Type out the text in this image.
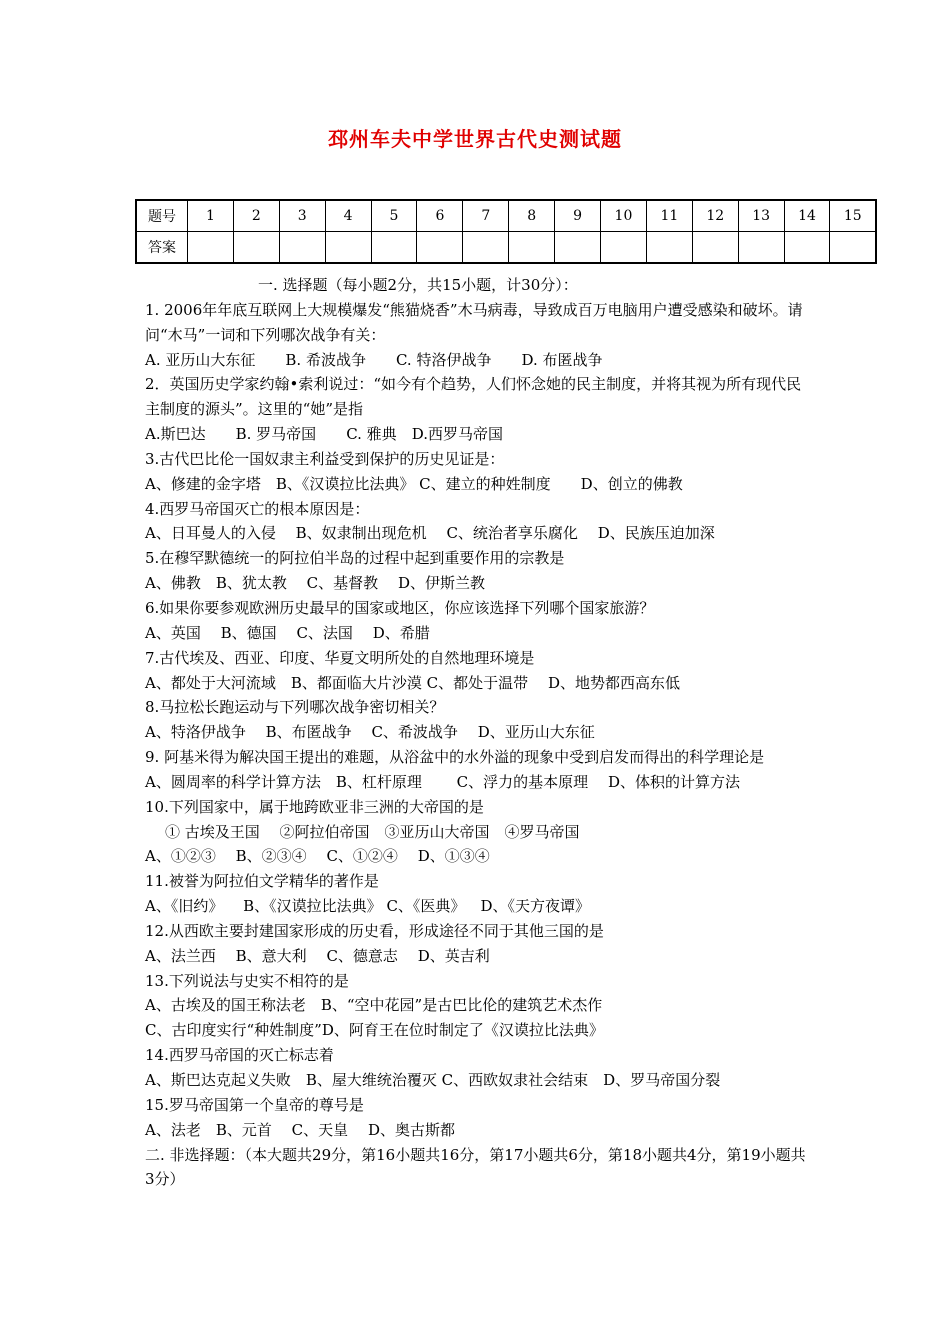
邳州车夫中学世界古代史测试题
题号	1	2	3	4	5	6	7	8	9	10	11	12	13	14	15
答案															
一. 选择题（每小题2分，共15小题，计30分）：
1. 2006年年底互联网上大规模爆发“熊猫烧香”木马病毒，导致成百万电脑用户遭受感染和破坏。请问“木马”一词和下列哪次战争有关：
A. 亚历山大东征　　 B. 希波战争　　 C. 特洛伊战争　　 D. 布匿战争
2．英国历史学家约翰•索利说过：“如今有个趋势，人们怀念她的民主制度，并将其视为所有现代民主制度的源头”。这里的“她”是指
A.斯巴达　　 B. 罗马帝国　　 C. 雅典　 D.西罗马帝国
3.古代巴比伦一国奴隶主利益受到保护的历史见证是：
A、修建的金字塔　 B、《汉谟拉比法典》 C、建立的种姓制度　　 D、创立的佛教
4.西罗马帝国灭亡的根本原因是：
A、日耳曼人的入侵　 B、奴隶制出现危机　 C、统治者享乐腐化　 D、民族压迫加深
5.在穆罕默德统一的阿拉伯半岛的过程中起到重要作用的宗教是
A、佛教　 B、犹太教　 C、基督教　 D、伊斯兰教
6.如果你要参观欧洲历史最早的国家或地区，你应该选择下列哪个国家旅游？
A、英国　 B、德国　 C、法国　 D、希腊
7.古代埃及、西亚、印度、华夏文明所处的自然地理环境是
A、都处于大河流域　 B、都面临大片沙漠 C、都处于温带　 D、地势都西高东低
8.马拉松长跑运动与下列哪次战争密切相关？
A、特洛伊战争　 B、布匿战争　 C、希波战争　 D、亚历山大东征
9. 阿基米得为解决国王提出的难题，从浴盆中的水外溢的现象中受到启发而得出的科学理论是
A、圆周率的科学计算方法　 B、杠杆原理　　 C、浮力的基本原理　 D、体积的计算方法
10.下列国家中，属于地跨欧亚非三洲的大帝国的是
① 古埃及王国　 ②阿拉伯帝国　③亚历山大帝国　④罗马帝国
A、①②③　 B、②③④　 C、①②④　 D、①③④
11.被誉为阿拉伯文学精华的著作是
A、《旧约》　 B、《汉谟拉比法典》 C、《医典》　 D、《天方夜谭》
12.从西欧主要封建国家形成的历史看，形成途径不同于其他三国的是
A、法兰西　 B、意大利　 C、德意志　 D、英吉利
13.下列说法与史实不相符的是
A、古埃及的国王称法老　 B、“空中花园”是古巴比伦的建筑艺术杰作
C、古印度实行“种姓制度”D、阿育王在位时制定了《汉谟拉比法典》
14.西罗马帝国的灭亡标志着
A、斯巴达克起义失败　 B、屋大维统治覆灭 C、西欧奴隶社会结束　 D、罗马帝国分裂
15.罗马帝国第一个皇帝的尊号是
A、法老　 B、元首　 C、天皇　 D、奥古斯都
二. 非选择题：（本大题共29分，第16小题共16分，第17小题共6分，第18小题共4分，第19小题共3分）
